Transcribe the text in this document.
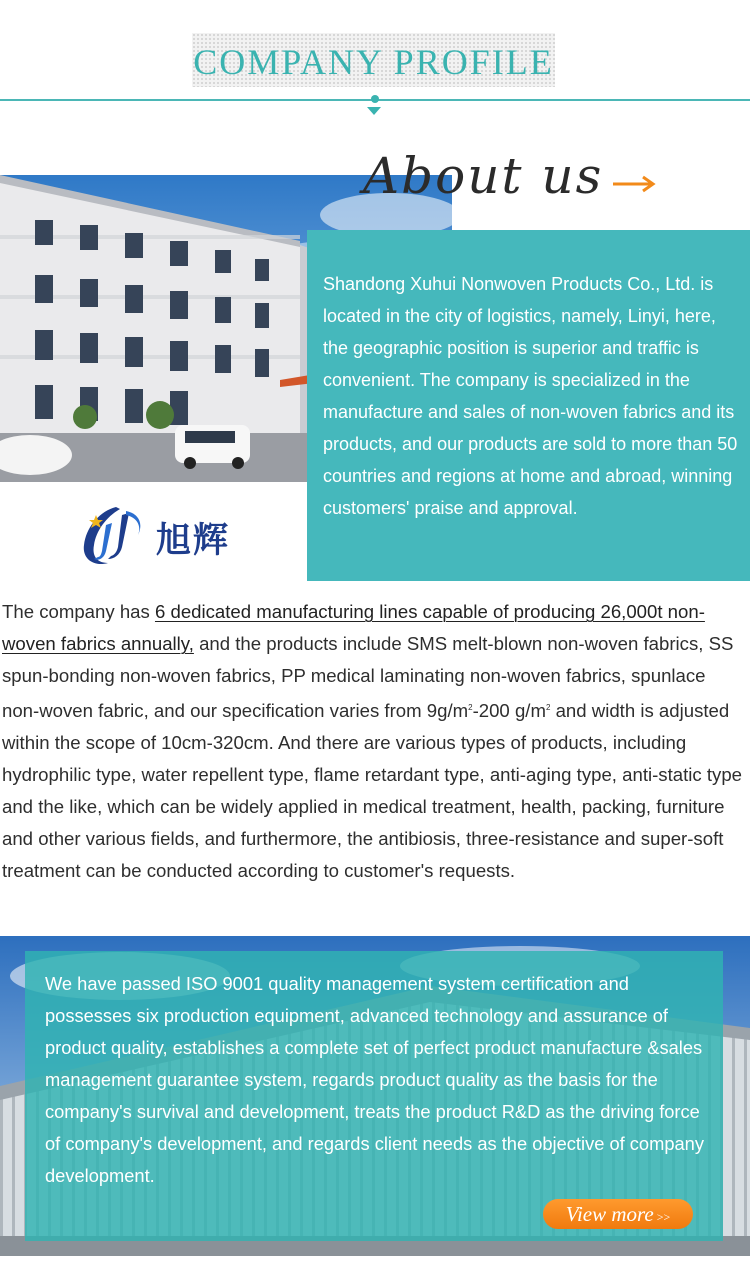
COMPANY PROFILE
About us

Shandong Xuhui Nonwoven Products Co., Ltd. is located in the city of logistics, namely, Linyi, here, the geographic position is superior and traffic is convenient. The company is specialized in the manufacture and sales of non-woven fabrics and its products, and our products are sold to more than 50 countries and regions at home and abroad, winning customers' praise and approval.

旭辉

The company has 6 dedicated manufacturing lines capable of producing 26,000t non-woven fabrics annually, and the products include SMS melt-blown non-woven fabrics, SS spun-bonding non-woven fabrics, PP medical laminating non-woven fabrics, spunlace non-woven fabric, and our specification varies from $9g/m^2-200$ $g/m^2$ and width is adjusted within the scope of 10cm-320cm. And there are various types of products, including hydrophilic type, water repellent type, flame retardant type, anti-aging type, anti-static type and the like, which can be widely applied in medical treatment, health, packing, furniture and other various fields, and furthermore, the antibiosis, three-resistance and super-soft treatment can be conducted according to customer's requests.

We have passed ISO 9001 quality management system certification and possesses six production equipment, advanced technology and assurance of product quality, establishes a complete set of perfect product manufacture &sales management guarantee system, regards product quality as the basis for the company's survival and development, treats the product R&D as the driving force of company's development, and regards client needs as the objective of company development.

View more >>
